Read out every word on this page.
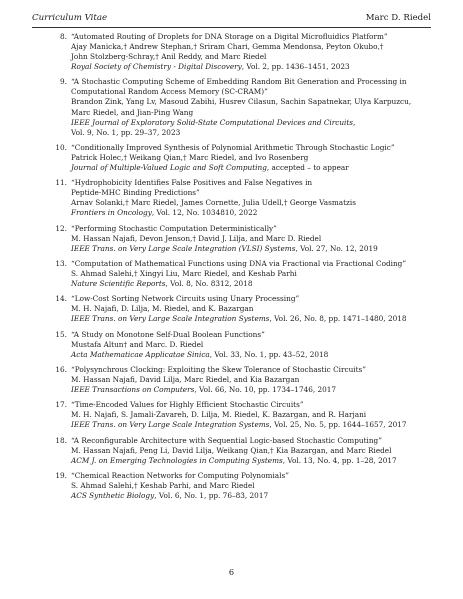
Curriculum Vitae	Marc D. Riedel
8. “Automated Routing of Droplets for DNA Storage on a Digital Microfluidics Platform”
Ajay Manicka,† Andrew Stephan,† Sriram Chari, Gemma Mendonsa, Peyton Okubo,†
John Stolzberg-Schray,† Anil Reddy, and Marc Riedel
Royal Society of Chemistry - Digital Discovery, Vol. 2, pp. 1436–1451, 2023
9. “A Stochastic Computing Scheme of Embedding Random Bit Generation and Processing in
Computational Random Access Memory (SC-CRAM)”
Brandon Zink, Yang Lv, Masoud Zabihi, Husrev Cilasun, Sachin Sapatnekar, Ulya Karpuzcu,
Marc Riedel, and Jian-Ping Wang
IEEE Journal of Exploratory Solid-State Computational Devices and Circuits,
Vol. 9, No. 1, pp. 29–37, 2023
10. “Conditionally Improved Synthesis of Polynomial Arithmetic Through Stochastic Logic”
Patrick Holec,† Weikang Qian,† Marc Riedel, and Ivo Rosenberg
Journal of Multiple-Valued Logic and Soft Computing, accepted – to appear
11. “Hydrophobicity Identifies False Positives and False Negatives in
Peptide-MHC Binding Predictions”
Arnav Solanki,† Marc Riedel, James Cornette, Julia Udell,† George Vasmatzis
Frontiers in Oncology, Vol. 12, No. 1034810, 2022
12. “Performing Stochastic Computation Deterministically”
M. Hassan Najafi, Devon Jenson,† David J. Lilja, and Marc D. Riedel
IEEE Trans. on Very Large Scale Integration (VLSI) Systems, Vol. 27, No. 12, 2019
13. “Computation of Mathematical Functions using DNA via Fractional via Fractional Coding”
S. Ahmad Salehi,† Xingyi Liu, Marc Riedel, and Keshab Parhi
Nature Scientific Reports, Vol. 8, No. 8312, 2018
14. “Low-Cost Sorting Network Circuits using Unary Processing”
M. H. Najafi, D. Lilja, M. Riedel, and K. Bazargan
IEEE Trans. on Very Large Scale Integration Systems, Vol. 26, No. 8, pp. 1471–1480, 2018
15. “A Study on Monotone Self-Dual Boolean Functions”
Mustafa Altun† and Marc. D. Riedel
Acta Mathematicae Applicatae Sinica, Vol. 33, No. 1, pp. 43–52, 2018
16. “Polysynchrous Clocking: Exploiting the Skew Tolerance of Stochastic Circuits”
M. Hassan Najafi, David Lilja, Marc Riedel, and Kia Bazargan
IEEE Transactions on Computers, Vol. 66, No. 10, pp. 1734–1746, 2017
17. “Time-Encoded Values for Highly Efficient Stochastic Circuits”
M. H. Najafi, S. Jamali-Zavareh, D. Lilja, M. Riedel, K. Bazargan, and R. Harjani
IEEE Trans. on Very Large Scale Integration Systems, Vol. 25, No. 5, pp. 1644–1657, 2017
18. “A Reconfigurable Architecture with Sequential Logic-based Stochastic Computing”
M. Hassan Najafi, Peng Li, David Lilja, Weikang Qian,† Kia Bazargan, and Marc Riedel
ACM J. on Emerging Technologies in Computing Systems, Vol. 13, No. 4, pp. 1–28, 2017
19. “Chemical Reaction Networks for Computing Polynomials”
S. Ahmad Salehi,† Keshab Parhi, and Marc Riedel
ACS Synthetic Biology, Vol. 6, No. 1, pp. 76–83, 2017
6
